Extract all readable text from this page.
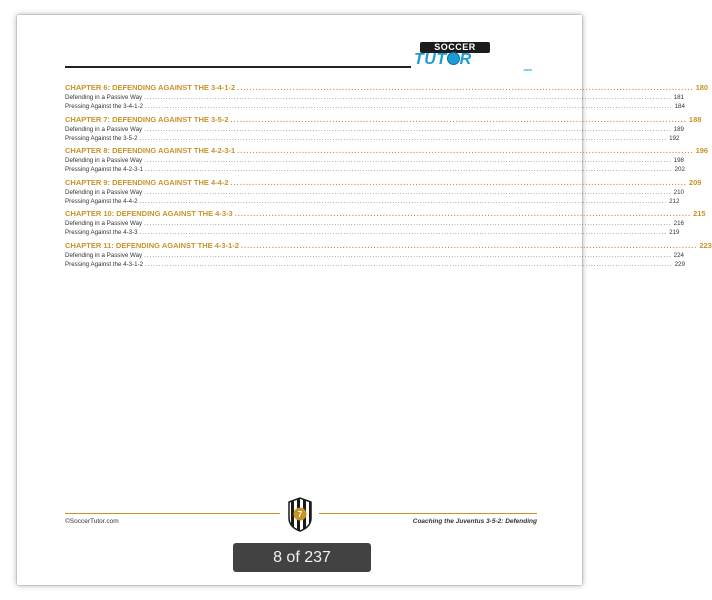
SOCCER
TUT R
.com
CHAPTER 6: DEFENDING AGAINST THE 3-4-1-2 .................................................................................................................................................... 180
Defending in a Passive Way .................................................................................................................................................................................................. 181
Pressing Against the 3-4-1-2 .................................................................................................................................................................................................. 184
CHAPTER 7: DEFENDING AGAINST THE 3-5-2 .................................................................................................................................................... 188
Defending in a Passive Way .................................................................................................................................................................................................. 189
Pressing Against the 3-5-2 .................................................................................................................................................................................................. 192
CHAPTER 8: DEFENDING AGAINST THE 4-2-3-1 .................................................................................................................................................... 196
Defending in a Passive Way .................................................................................................................................................................................................. 198
Pressing Against the 4-2-3-1 .................................................................................................................................................................................................. 202
CHAPTER 9: DEFENDING AGAINST THE 4-4-2 .................................................................................................................................................... 209
Defending in a Passive Way .................................................................................................................................................................................................. 210
Pressing Against the 4-4-2 .................................................................................................................................................................................................. 212
CHAPTER 10: DEFENDING AGAINST THE 4-3-3 .................................................................................................................................................... 215
Defending in a Passive Way .................................................................................................................................................................................................. 216
Pressing Against the 4-3-3 .................................................................................................................................................................................................. 219
CHAPTER 11: DEFENDING AGAINST THE 4-3-1-2 .................................................................................................................................................... 223
Defending in a Passive Way .................................................................................................................................................................................................. 224
Pressing Against the 4-3-1-2 .................................................................................................................................................................................................. 229
7
©SoccerTutor.com	Coaching the Juventus 3-5-2: Defending
8 of 237
